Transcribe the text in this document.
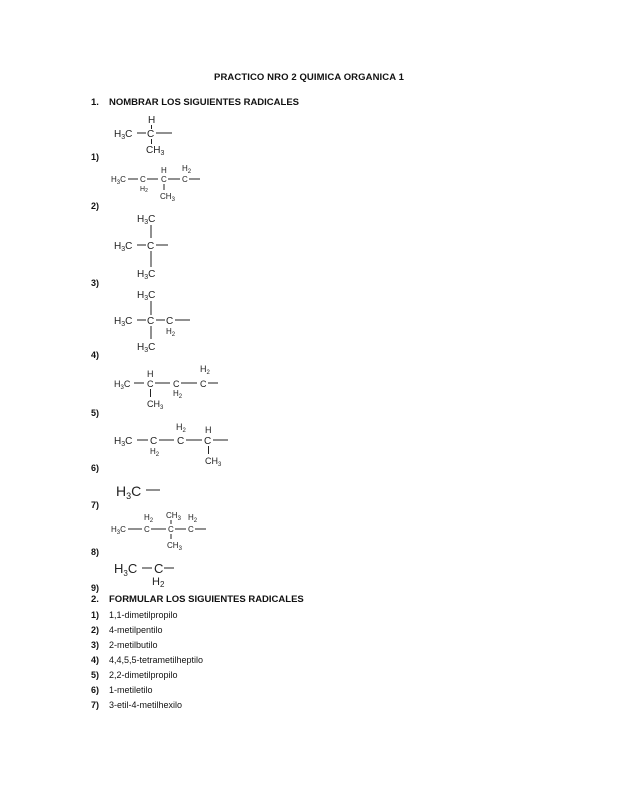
PRACTICO NRO 2 QUIMICA ORGANICA 1
1. NOMBRAR LOS SIGUIENTES RADICALES
H
$H_3C$ C
$CH_3$
1)
$H_2$
$H_3C$ C
H2
H
C C
$CH_3$
2)
$H_3C$
$H_3C$ C
$H_3C$
3)
$H_3C$
$H_3C$ C C
$H_2$
$H_3C$
4)
$H_2$
H
$H_3C$ C C
$H_2$
C
$CH_3$
5)
$H_2$ H
$H_3C$ C
$H_2$
C C
$CH_3$
6)
$H_3C$
7)
$H_2$
$CH_3$ $H_2$
$H_3C$ C C C
$CH_3$
8)
$H_3C$ C
H2
9)
2. FORMULAR LOS SIGUIENTES RADICALES
1) 1,1-dimetilpropilo
2) 4-metilpentilo
3) 2-metilbutilo
4) 4,4,5,5-tetrametilheptilo
5) 2,2-dimetilpropilo
6) 1-metiletilo
7) 3-etil-4-metilhexilo
